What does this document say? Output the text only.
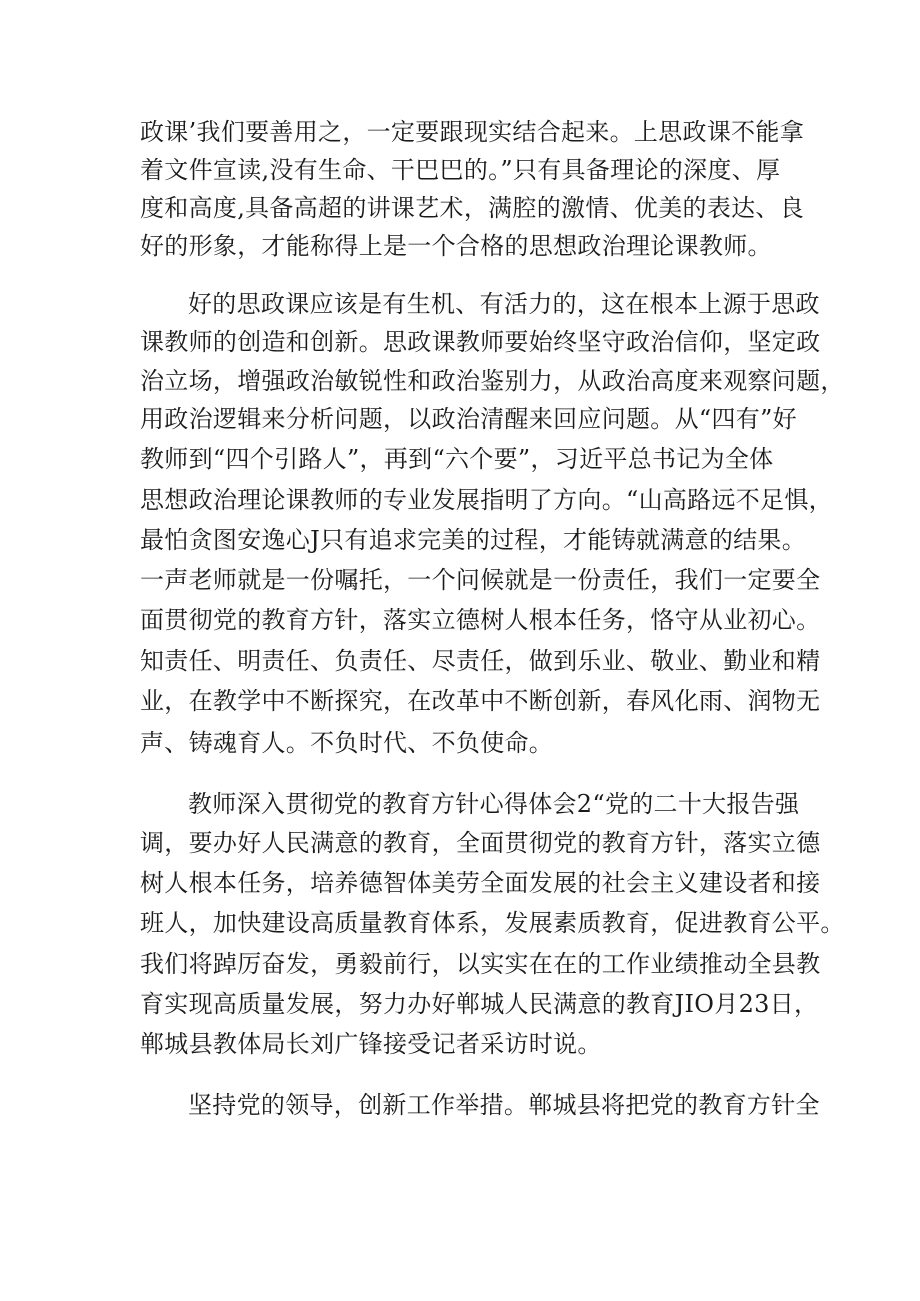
政课’我们要善用之，一定要跟现实结合起来。上思政课不能拿
着文件宣读,没有生命、干巴巴的。”只有具备理论的深度、厚
度和高度,具备高超的讲课艺术，满腔的激情、优美的表达、良
好的形象，才能称得上是一个合格的思想政治理论课教师。
好的思政课应该是有生机、有活力的，这在根本上源于思政
课教师的创造和创新。思政课教师要始终坚守政治信仰，坚定政
治立场，增强政治敏锐性和政治鉴别力，从政治高度来观察问题，
用政治逻辑来分析问题，以政治清醒来回应问题。从“四有”好
教师到“四个引路人”，再到“六个要”，习近平总书记为全体
思想政治理论课教师的专业发展指明了方向。“山高路远不足惧，
最怕贪图安逸心J只有追求完美的过程，才能铸就满意的结果。
一声老师就是一份嘱托，一个问候就是一份责任，我们一定要全
面贯彻党的教育方针，落实立德树人根本任务，恪守从业初心。
知责任、明责任、负责任、尽责任，做到乐业、敬业、勤业和精
业，在教学中不断探究，在改革中不断创新，春风化雨、润物无
声、铸魂育人。不负时代、不负使命。
教师深入贯彻党的教育方针心得体会2“党的二十大报告强
调，要办好人民满意的教育，全面贯彻党的教育方针，落实立德
树人根本任务，培养德智体美劳全面发展的社会主义建设者和接
班人，加快建设高质量教育体系，发展素质教育，促进教育公平。
我们将踔厉奋发，勇毅前行，以实实在在的工作业绩推动全县教
育实现高质量发展，努力办好郸城人民满意的教育JIO月23日，
郸城县教体局长刘广锋接受记者采访时说。
坚持党的领导，创新工作举措。郸城县将把党的教育方针全
